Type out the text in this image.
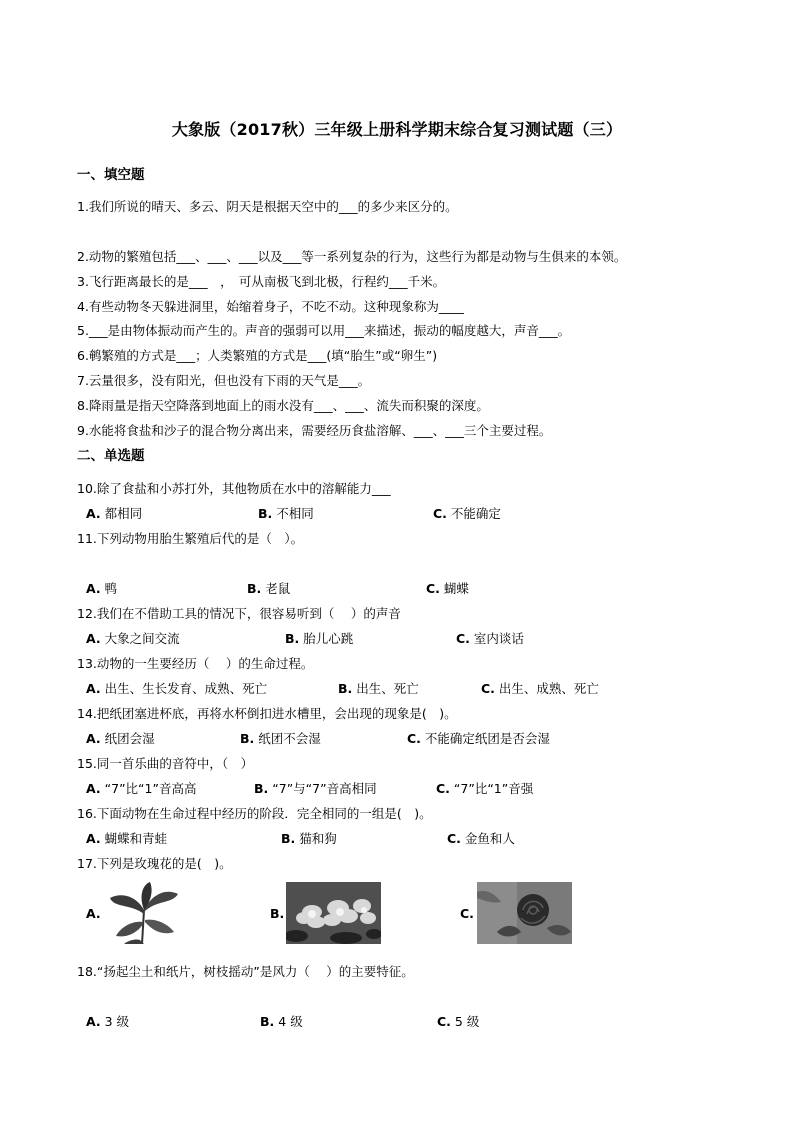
大象版（2017秋）三年级上册科学期末综合复习测试题（三）
一、填空题
1.我们所说的晴天、多云、阴天是根据天空中的___的多少来区分的。
2.动物的繁殖包括___、___、___以及___等一系列复杂的行为，这些行为都是动物与生俱来的本领。
3.飞行距离最长的是___　，　可从南极飞到北极，行程约___千米。
4.有些动物冬天躲进洞里，始缩着身子，不吃不动。这种现象称为____
5.___是由物体振动而产生的。声音的强弱可以用___来描述，振动的幅度越大，声音___。
6.鹌繁殖的方式是___；人类繁殖的方式是___(填“胎生”或“卵生”)
7.云量很多，没有阳光，但也没有下雨的天气是___。
8.降雨量是指天空降落到地面上的雨水没有___、___、流失而积聚的深度。
9.水能将食盐和沙子的混合物分离出来，需要经历食盐溶解、___、___三个主要过程。
二、单选题
10.除了食盐和小苏打外，其他物质在水中的溶解能力___
A. 都相同	B. 不相同	C. 不能确定
11.下列动物用胎生繁殖后代的是（　）。
A. 鸭	B. 老鼠	C. 蝴蝶
12.我们在不借助工具的情况下，很容易听到（　 ）的声音
A. 大象之间交流	B. 胎儿心跳	C. 室内谈话
13.动物的一生要经历（　 ）的生命过程。
A. 出生、生长发育、成熟、死亡	B. 出生、死亡	C. 出生、成熟、死亡
14.把纸团塞进杯底，再将水杯倒扣进水槽里，会出现的现象是(　)。
A. 纸团会湿	B. 纸团不会湿	C. 不能确定纸团是否会湿
15.同一首乐曲的音符中，（　）
A. “7”比“1”音高高	B. “7”与“7”音高相同	C. “7”比“1”音强
16.下面动物在生命过程中经历的阶段．完全相同的一组是(　)。
A. 蝴蝶和青蛙	B. 猫和狗	C. 金鱼和人
17.下列是玫瑰花的是(　)。
A.	B.	C.
18.“扬起尘土和纸片，树枝摇动”是风力（　 ）的主要特征。
A. 3 级	B. 4 级	C. 5 级
